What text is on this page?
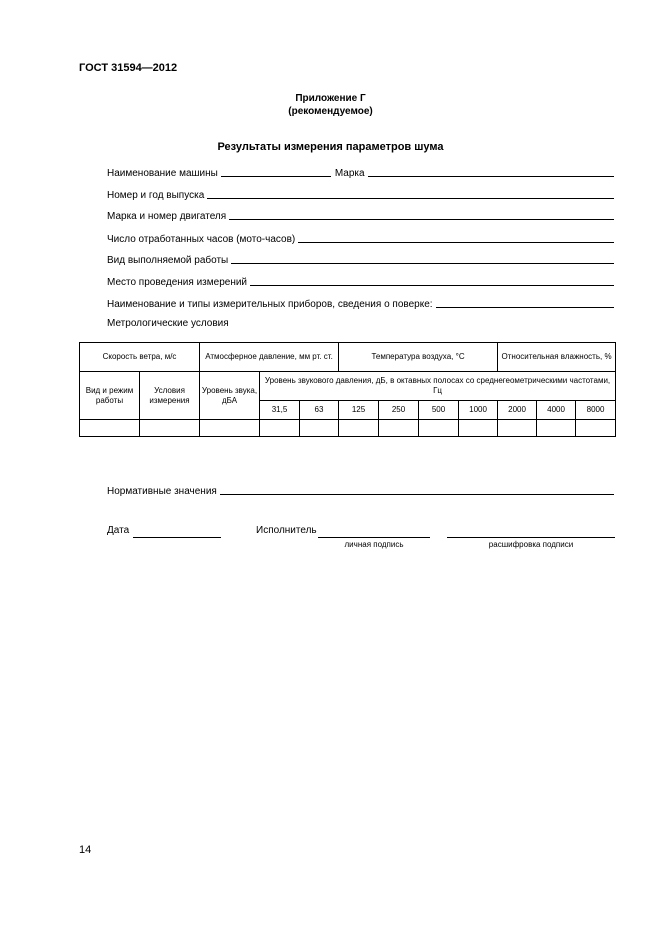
ГОСТ 31594—2012
Приложение Г
(рекомендуемое)
Результаты измерения параметров шума
Наименование машины	Марка
Номер и год выпуска
Марка и номер двигателя
Число отработанных часов (мото-часов)
Вид выполняемой работы
Место проведения измерений
Наименование и типы измерительных приборов, сведения о поверке:
Метрологические условия
Скорость ветра, м/с		Атмосферное давление, мм рт. ст.			Температура воздуха, °С				Относительная влажность, %		
Вид и режим работы	Условия измерения	Уровень звука, дБА	Уровень звукового давления, дБ, в октавных полосах со среднегеометрическими частотами, Гц								
			31,5	63	125	250	500	1000	2000	4000	8000

Нормативные значения
Дата	Исполнитель
личная подпись	расшифровка подписи
14
